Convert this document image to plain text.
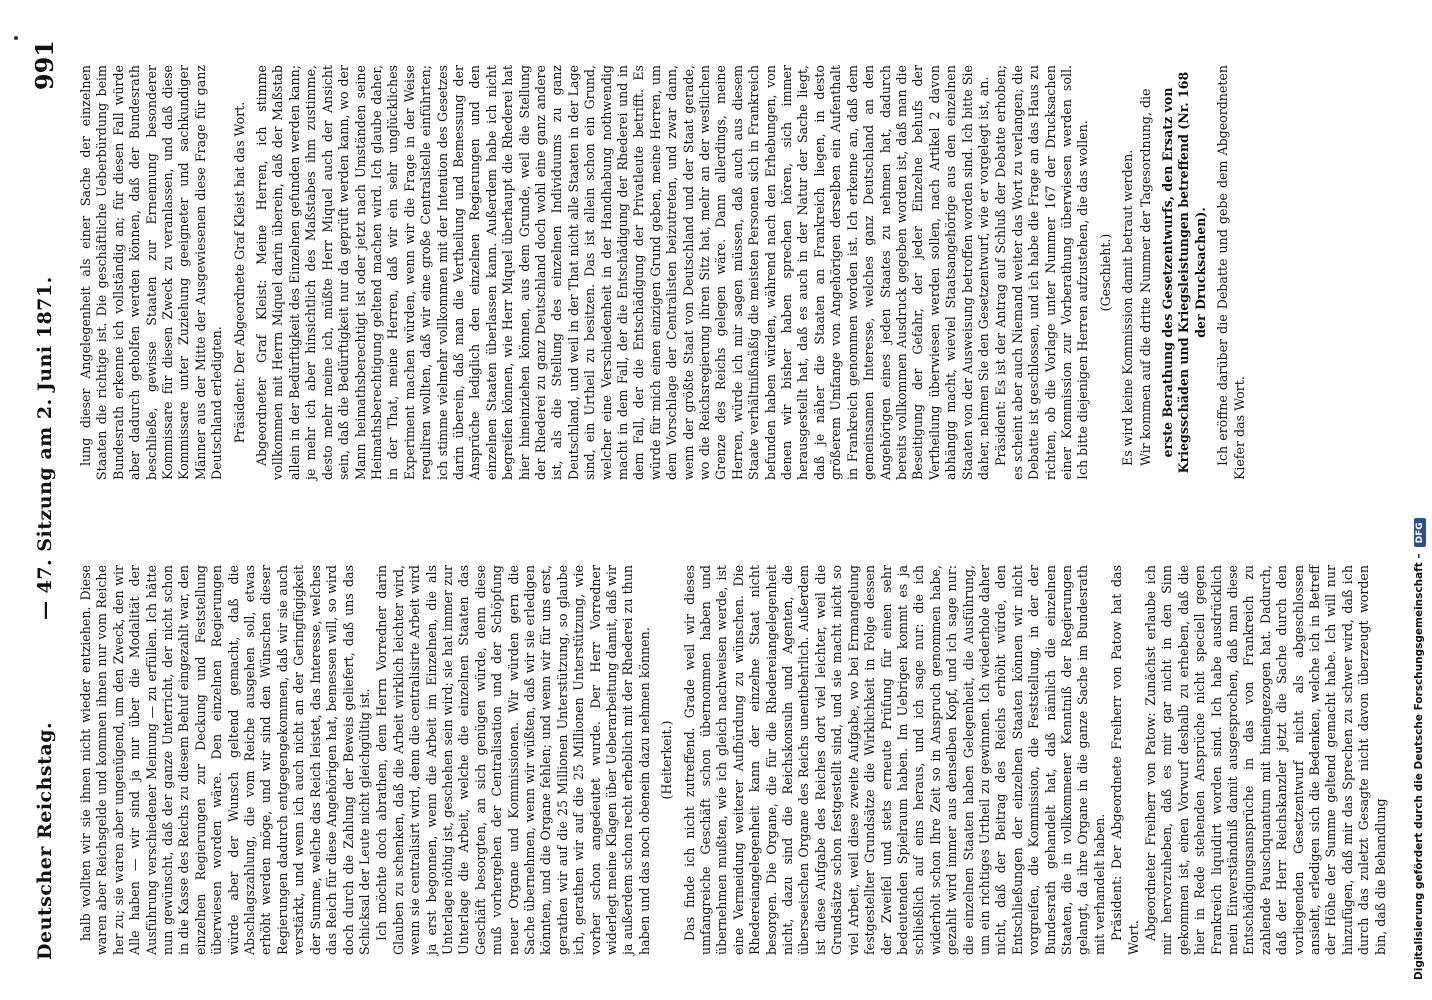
Deutscher Reichstag.
— 47. Sitzung am 2. Juni 1871.
991

halb wollten wir sie ihnen nicht wieder entziehen. Diese waren aber Reichsgelde und kommen ihnen nur vom Reiche her zu; sie waren aber ungenügend, um den Zweck, den wir Alle haben — wir sind ja nur über die Modalität der Ausführung verschiedener Meinung — zu erfüllen. Ich hätte nun gewünscht, daß der ganze Unterricht, der nicht schon in die Kasse des Reichs zu diesem Behuf eingezahlt war, den einzelnen Regierungen zur Deckung und Feststellung überwiesen worden wäre. Den einzelnen Regierungen würde aber der Wunsch geltend gemacht, daß die Abschlagszahlung, die vom Reiche ausgehen soll, etwas erhöht werden möge, und wir sind den Wünschen dieser Regierungen dadurch entgegengekommen, daß wir sie auch verstärkt, und wenn ich auch nicht an der Geringfügigkeit der Summe, welche das Reich leistet, das Interesse, welches das Reich für diese Angehörigen hat, bemessen will, so wird doch durch die Zahlung der Beweis geliefert, daß uns das Schicksal der Leute nicht gleichgültig ist. Ich möchte doch abrathen, dem Herrn Vorredner darin Glauben zu schenken, daß die Arbeit wirklich leichter wird, wenn sie centralisirt wird, denn die centralisirte Arbeit wird ja erst begonnen, wenn die Arbeit im Einzelnen, die als Unterlage nöthig ist, geschehen sein wird; sie hat immer zur Unterlage die Arbeit, welche die einzelnen Staaten das Geschäft besorgten, an sich genügen würde, denn diese muß vorhergehen der Centralisation und der Schöpfung neuer Organe und Kommissionen. Wir würden gern die Sache übernehmen, wenn wir wüßten, daß wir sie erledigen könnten, und die Organe fehlen; und wenn wir für uns erst, gerathen wir auf die 25 Millionen Unterstützung, so glaube ich, gerathen wir auf die 25 Millionen Unterstützung, wie vorher schon angedeutet wurde. Der Herr Vorredner widerlegt meine Klagen über Ueberarbeitung damit, daß wir ja außerdem schon recht erheblich mit der Rhederei zu thun haben und das noch obenein dazu nehmen können. (Heiterkeit.) Das finde ich nicht zutreffend. Grade weil wir dieses umfangreiche Geschäft schon übernommen haben und übernehmen mußten, wie ich gleich nachweisen werde, ist eine Vermeidung weiterer Aufbürdung zu wünschen. Die Rhedereiangelegenheit kann der einzelne Staat nicht besorgen. Die Organe, die für die Rhedereiangelegenheit nicht, dazu sind die Reichskonsuln und Agenten, die überseeischen Organe des Reichs unentbehrlich. Außerdem ist diese Aufgabe des Reiches dort viel leichter, weil die Grundsätze schon festgestellt sind, und sie macht nicht so viel Arbeit, weil diese zweite Aufgabe, wo bei Ermangelung festgestellter Grundsätze die Wirklichkeit in Folge dessen der Zweifel und stets erneute Prüfung für einen sehr bedeutenden Spielraum haben. Im Uebrigen kommt es ja schließlich auf eins heraus, und ich sage nur: die ich widerholt schon Ihre Zeit so in Anspruch genommen habe, gezahlt wird immer aus denselben Kopf, und ich sage nur: die einzelnen Staaten haben Gelegenheit, die Ausführung, um ein richtiges Urtheil zu gewinnen. Ich wiederhole daher nicht, daß der Beitrag des Reichs erhöht würde, den Entschließungen der einzelnen Staaten können wir nicht vorgreifen, die Kommission, die Feststellung, in der der Bundesrath gehandelt hat, daß nämlich die einzelnen Staaten, die in vollkommener Kenntniß der Regierungen gelangt, da ihre Organe in die ganze Sache im Bundesrath mit verhandelt haben. Präsident: Der Abgeordnete Freiherr von Patow hat das Wort. Abgeordneter Freiherr von Patow: Zunächst erlaube ich mir hervorzuheben, daß es mir gar nicht in den Sinn gekommen ist, einen Vorwurf deshalb zu erheben, daß die hier in Rede stehenden Ansprüche nicht speciell gegen Frankreich liquidirt worden sind. Ich habe ausdrücklich mein Einverständniß damit ausgesprochen, daß man diese Entschädigungsansprüche in das von Frankreich zu zahlende Pauschquantum mit hineingezogen hat. Dadurch, daß der Herr Reichskanzler jetzt die Sache durch den vorliegenden Gesetzentwurf nicht als abgeschlossen ansieht, erledigen sich die Bedenken, welche ich in Betreff der Höhe der Summe geltend gemacht habe. Ich will nur hinzufügen, daß mir das Sprechen zu schwer wird, daß ich durch das zuletzt Gesagte nicht davon überzeugt worden bin, daß die Behandlung

lung dieser Angelegenheit als einer Sache der einzelnen Staaten die richtige ist. Die geschäftliche Ueberbürdung beim Bundesrath erkenne ich vollständig an; für diesen Fall würde aber dadurch geholfen werden können, daß der Bundesrath beschließe, gewisse Staaten zur Ernennung besonderer Kommissare für diesen Zweck zu veranlassen, und daß diese Kommissare unter Zuziehung geeigneter und sachkundiger Männer aus der Mitte der Ausgewiesenen diese Frage für ganz Deutschland erledigten. Präsident: Der Abgeordnete Graf Kleist hat das Wort. Abgeordneter Graf Kleist: Meine Herren, ich stimme vollkommen mit Herrn Miquel darin überein, daß der Maßstab allein in der Bedürftigkeit des Einzelnen gefunden werden kann; je mehr ich aber hinsichtlich des Maßstabes ihm zustimme, desto mehr meine ich, müßte Herr Miquel auch der Ansicht sein, daß die Bedürftigkeit nur da geprüft werden kann, wo der Mann heimathsberechtigt ist oder jetzt nach Umständen seine Heimathsberechtigung geltend machen wird. Ich glaube daher, in der That, meine Herren, daß wir ein sehr unglückliches Experiment machen würden, wenn wir die Frage in der Weise reguliren wollten, daß wir eine große Centralstelle einführten; ich stimme vielmehr vollkommen mit der Intention des Gesetzes darin überein, daß man die Vertheilung und Bemessung der Ansprüche lediglich den einzelnen Regierungen und den einzelnen Staaten überlassen kann. Außerdem habe ich nicht begreifen können, wie Herr Miquel überhaupt die Rhederei hat hier hineinziehen können, aus dem Grunde, weil die Stellung der Rhederei zu ganz Deutschland doch wohl eine ganz andere ist, als die Stellung des einzelnen Individuums zu ganz Deutschland, und weil in der That nicht alle Staaten in der Lage sind, ein Urtheil zu besitzen. Das ist allein schon ein Grund, welcher eine Verschiedenheit in der Handhabung nothwendig macht in dem Fall, der die Entschädigung der Rhederei und in dem Fall, der die Entschädigung der Privatleute betrifft. Es würde für mich einen einzigen Grund geben, meine Herren, um dem Vorschlage der Centralisten beizutreten, und zwar dann, wenn der größte Staat von Deutschland und der Staat gerade, wo die Reichsregierung ihren Sitz hat, mehr an der westlichen Grenze des Reichs gelegen wäre. Dann allerdings, meine Herren, würde ich mir sagen müssen, daß auch aus diesem Staate verhältnißmäßig die meisten Personen sich in Frankreich befunden haben würden, während nach den Erhebungen, von denen wir bisher haben sprechen hören, sich immer herausgestellt hat, daß es auch in der Natur der Sache liegt, daß je näher die Staaten an Frankreich liegen, in desto größerem Umfange von Angehörigen derselben ein Aufenthalt in Frankreich genommen worden ist. Ich erkenne an, daß dem gemeinsamen Interesse, welches ganz Deutschland an den Angehörigen eines jeden Staates zu nehmen hat, dadurch bereits vollkommen Ausdruck gegeben worden ist, daß man die Beseitigung der Gefahr, der jeder Einzelne behufs der Vertheilung überwiesen werden sollen, nach Artikel 2 davon abhängig macht, wieviel Staatsangehörige aus den einzelnen Staaten von der Ausweisung betroffen worden sind. Ich bitte Sie daher, nehmen Sie den Gesetzentwurf, wie er vorgelegt ist, an. Präsident: Es ist der Antrag auf Schluß der Debatte erhoben; es scheint aber auch Niemand weiter das Wort zu verlangen; die Debatte ist geschlossen, und ich habe die Frage an das Haus zu richten, ob die Vorlage unter Nummer 167 der Drucksachen einer Kommission zur Vorberathung überwiesen werden soll. Ich bitte diejenigen Herren aufzustehen, die das wollen. (Geschieht.) Es wird keine Kommission damit betraut werden. Wir kommen auf die dritte Nummer der Tagesordnung, die erste Berathung des Gesetzentwurfs, den Ersatz von Kriegsschäden und Kriegsleistungen betreffend (Nr. 168 der Drucksachen). Ich eröffne darüber die Debatte und gebe dem Abgeordneten Kiefer das Wort.

Digitalisierung gefördert durch die Deutsche Forschungsgemeinschaft –DFG
